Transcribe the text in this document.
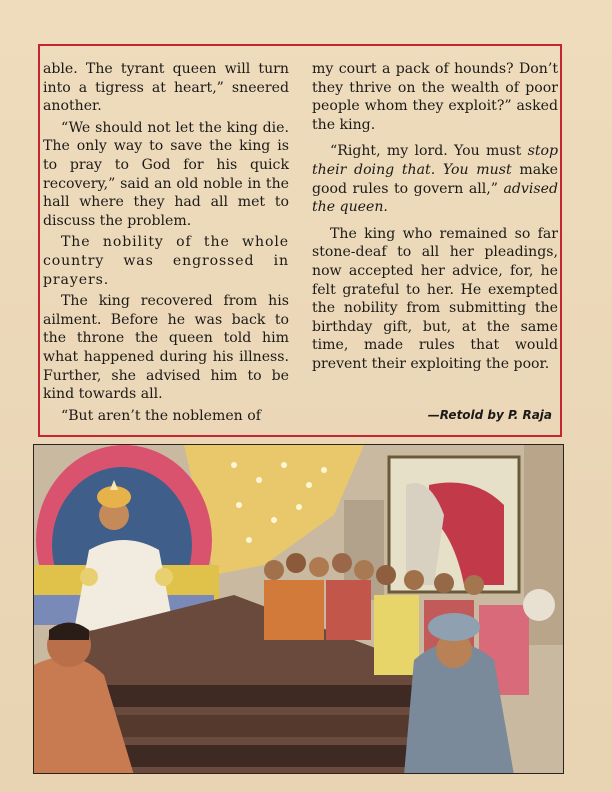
able. The tyrant queen will turn into a tigress at heart,” sneered another.

“We should not let the king die. The only way to save the king is to pray to God for his quick recovery,” said an old noble in the hall where they had all met to discuss the problem.

The nobility of the whole country was engrossed in prayers.

The king recovered from his ailment. Before he was back to the throne the queen told him what happened during his illness. Further, she advised him to be kind towards all.

“But aren’t the noblemen of

my court a pack of hounds? Don’t they thrive on the wealth of poor people whom they exploit?” asked the king.

“Right, my lord. You must stop their doing that. You must make good rules to govern all,” advised the queen.

The king who remained so far stone-deaf to all her pleadings, now accepted her advice, for, he felt grateful to her. He exempted the nobility from submitting the birthday gift, but, at the same time, made rules that would prevent their exploiting the poor.

—Retold by P. Raja
